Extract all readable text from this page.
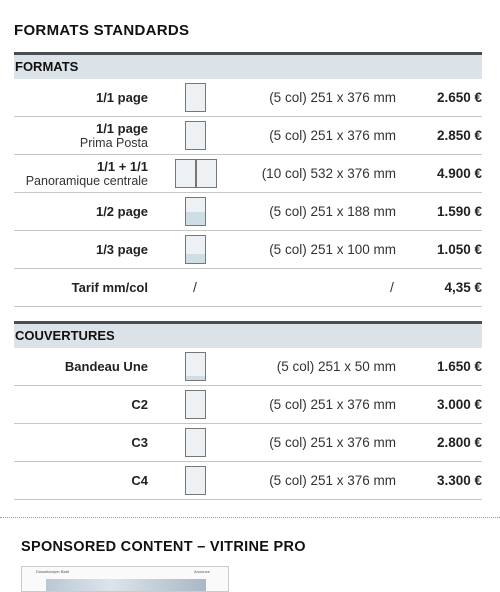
FORMATS STANDARDS
FORMATS
1/1 page	(5 col) 251 x 376 mm	2.650 €
1/1 page
Prima Posta	(5 col) 251 x 376 mm	2.850 €
1/1 + 1/1
Panoramique centrale	(10 col) 532 x 376 mm	4.900 €
1/2 page	(5 col) 251 x 188 mm	1.590 €
1/3 page	(5 col) 251 x 100 mm	1.050 €
Tarif mm/col	/	/	4,35 €
COUVERTURES
Bandeau Une	(5 col) 251 x 50 mm	1.650 €
C2	(5 col) 251 x 376 mm	3.000 €
C3	(5 col) 251 x 376 mm	2.800 €
C4	(5 col) 251 x 376 mm	3.300 €
SPONSORED CONTENT – VITRINE PRO
Dusseldorper Blatt	Annonce
